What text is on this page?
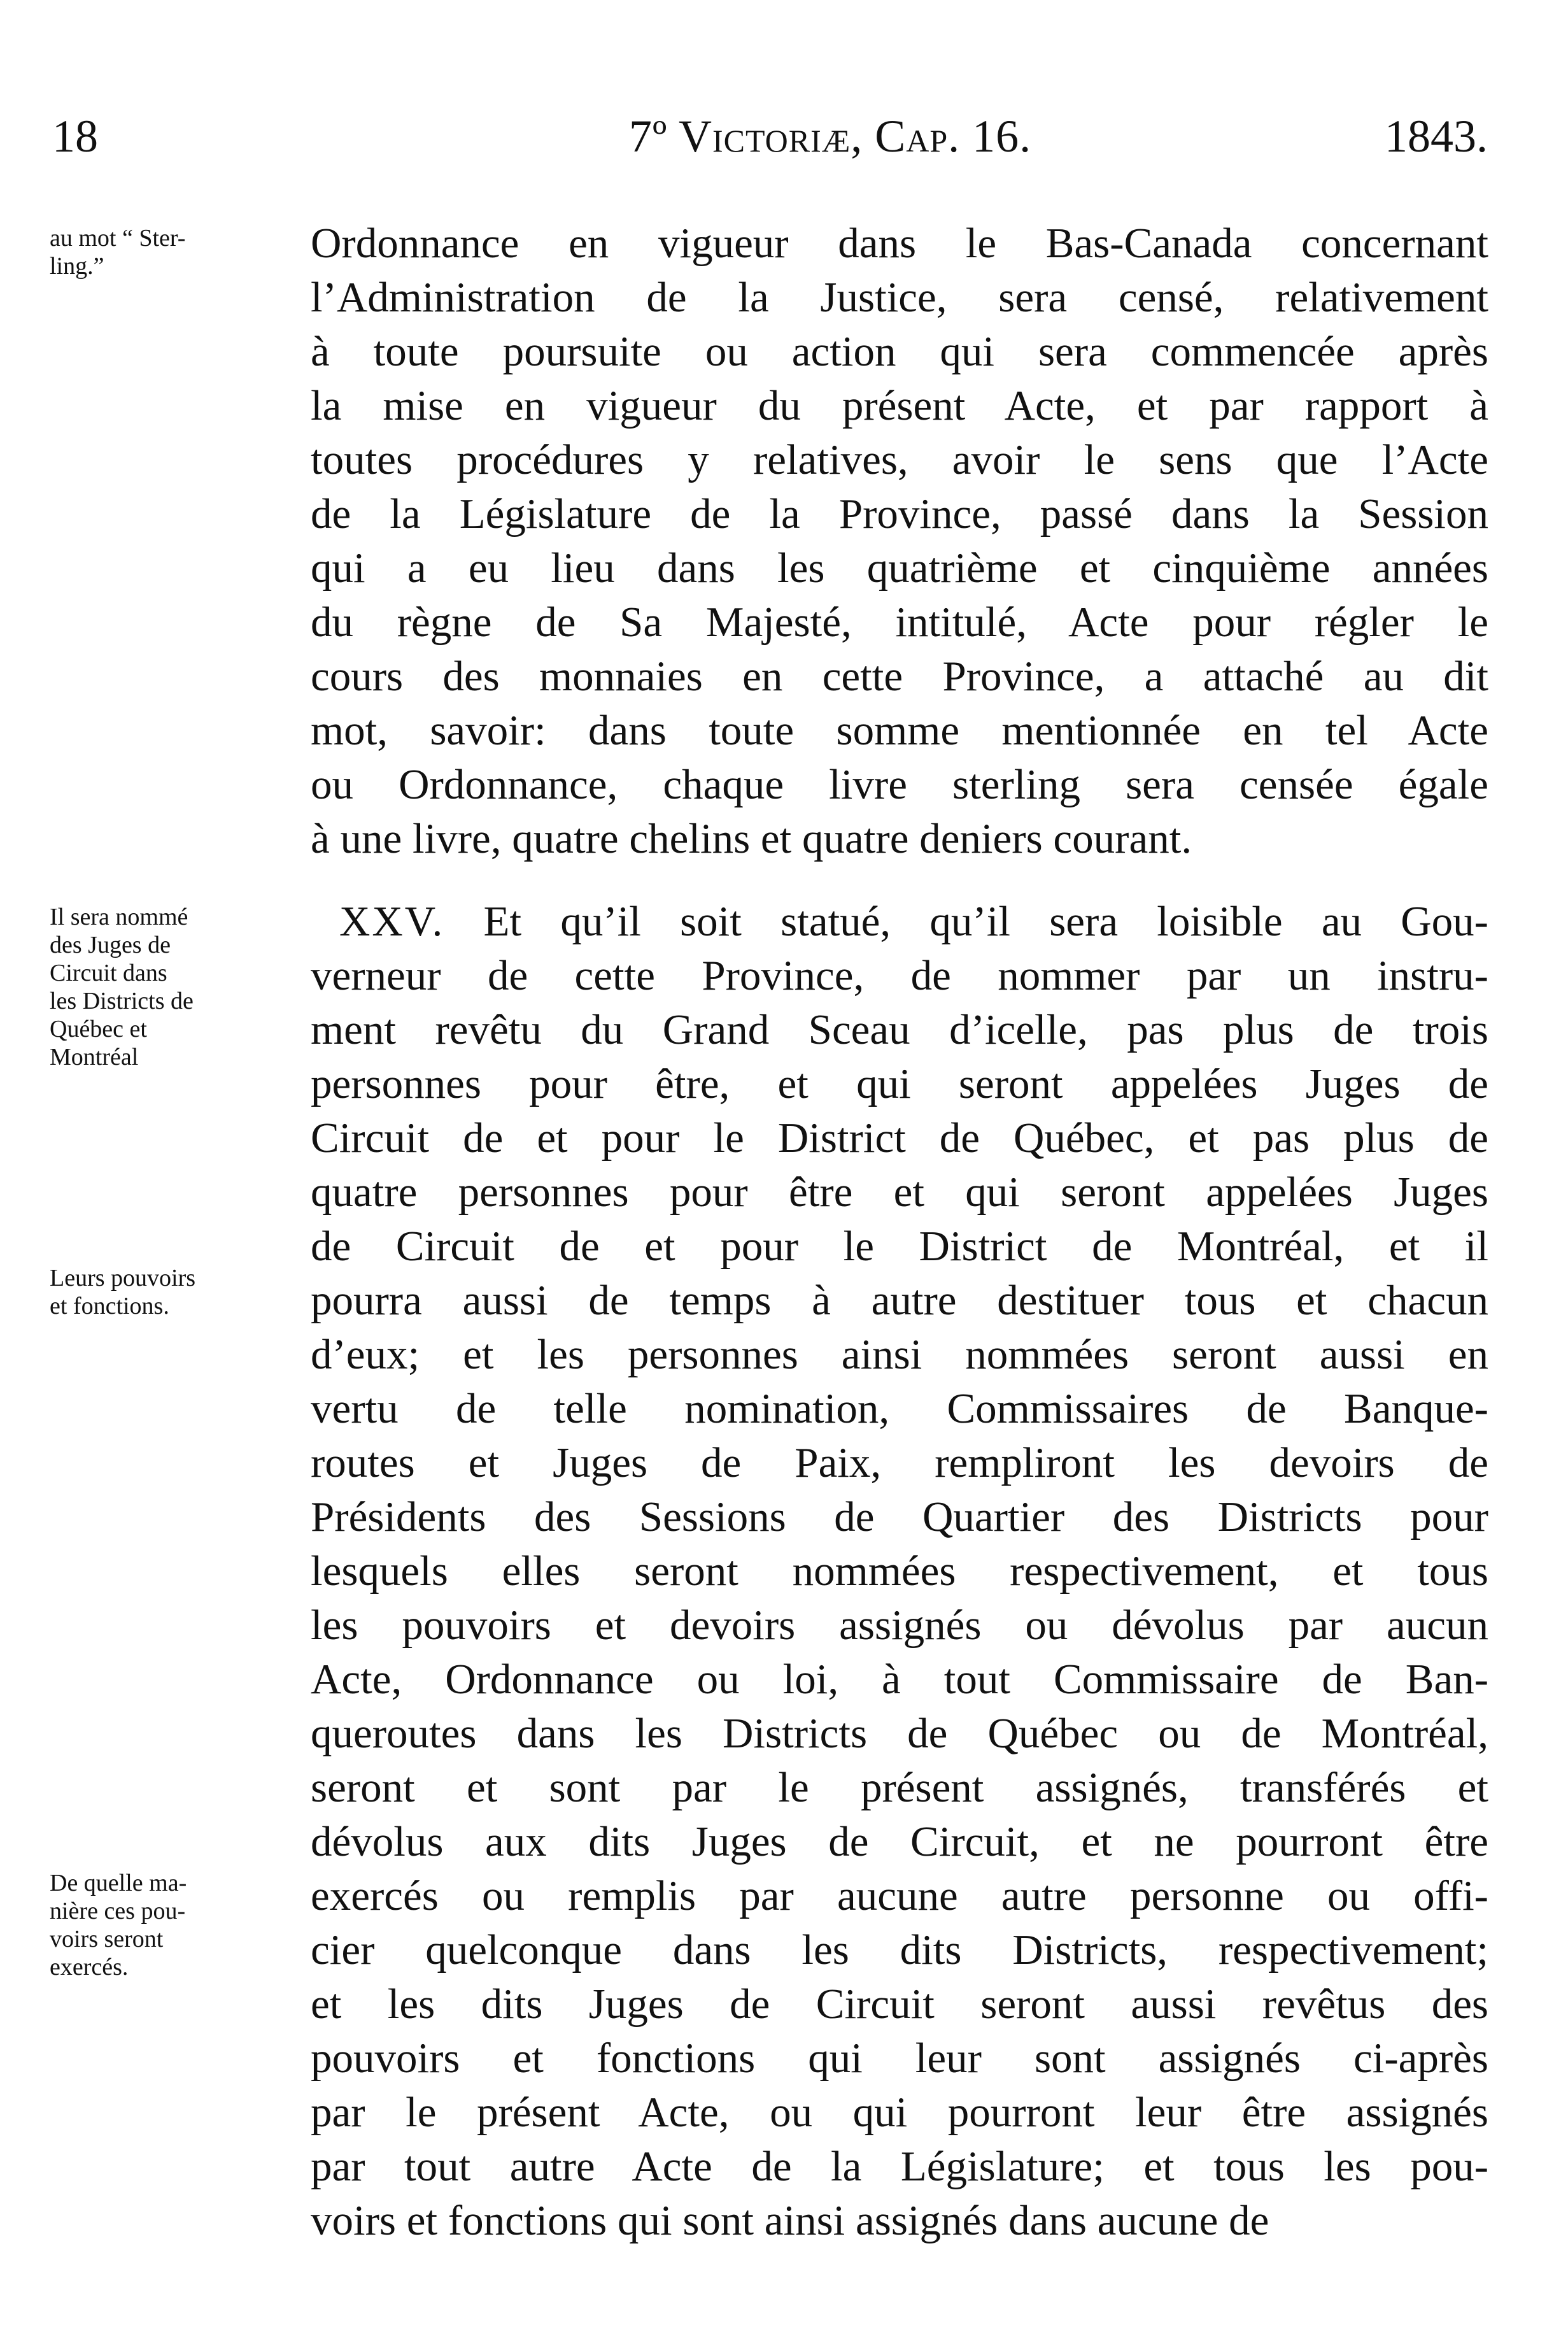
18	7º Victoriæ, Cap. 16.	1843.
au mot “ Ster-
ling.”
Il sera nommé
des Juges de
Circuit dans
les Districts de
Québec et
Montréal
Leurs pouvoirs
et fonctions.
De quelle ma-
nière ces pou-
voirs seront
exercés.
Ordonnance en vigueur dans le Bas-Canada concernant
l’Administration de la Justice, sera censé, relativement
à toute poursuite ou action qui sera commencée après
la mise en vigueur du présent Acte, et par rapport à
toutes procédures y relatives, avoir le sens que l’Acte
de la Législature de la Province, passé dans la Session
qui a eu lieu dans les quatrième et cinquième années
du règne de Sa Majesté, intitulé, Acte pour régler le
cours des monnaies en cette Province, a attaché au dit
mot, savoir: dans toute somme mentionnée en tel Acte
ou Ordonnance, chaque livre sterling sera censée égale
à une livre, quatre chelins et quatre deniers courant.
XXV. Et qu’il soit statué, qu’il sera loisible au Gou-
verneur de cette Province, de nommer par un instru-
ment revêtu du Grand Sceau d’icelle, pas plus de trois
personnes pour être, et qui seront appelées Juges de
Circuit de et pour le District de Québec, et pas plus de
quatre personnes pour être et qui seront appelées Juges
de Circuit de et pour le District de Montréal, et il
pourra aussi de temps à autre destituer tous et chacun
d’eux; et les personnes ainsi nommées seront aussi en
vertu de telle nomination, Commissaires de Banque-
routes et Juges de Paix, rempliront les devoirs de
Présidents des Sessions de Quartier des Districts pour
lesquels elles seront nommées respectivement, et tous
les pouvoirs et devoirs assignés ou dévolus par aucun
Acte, Ordonnance ou loi, à tout Commissaire de Ban-
queroutes dans les Districts de Québec ou de Montréal,
seront et sont par le présent assignés, transférés et
dévolus aux dits Juges de Circuit, et ne pourront être
exercés ou remplis par aucune autre personne ou offi-
cier quelconque dans les dits Districts, respectivement;
et les dits Juges de Circuit seront aussi revêtus des
pouvoirs et fonctions qui leur sont assignés ci-après
par le présent Acte, ou qui pourront leur être assignés
par tout autre Acte de la Législature; et tous les pou-
voirs et fonctions qui sont ainsi assignés dans aucune de
